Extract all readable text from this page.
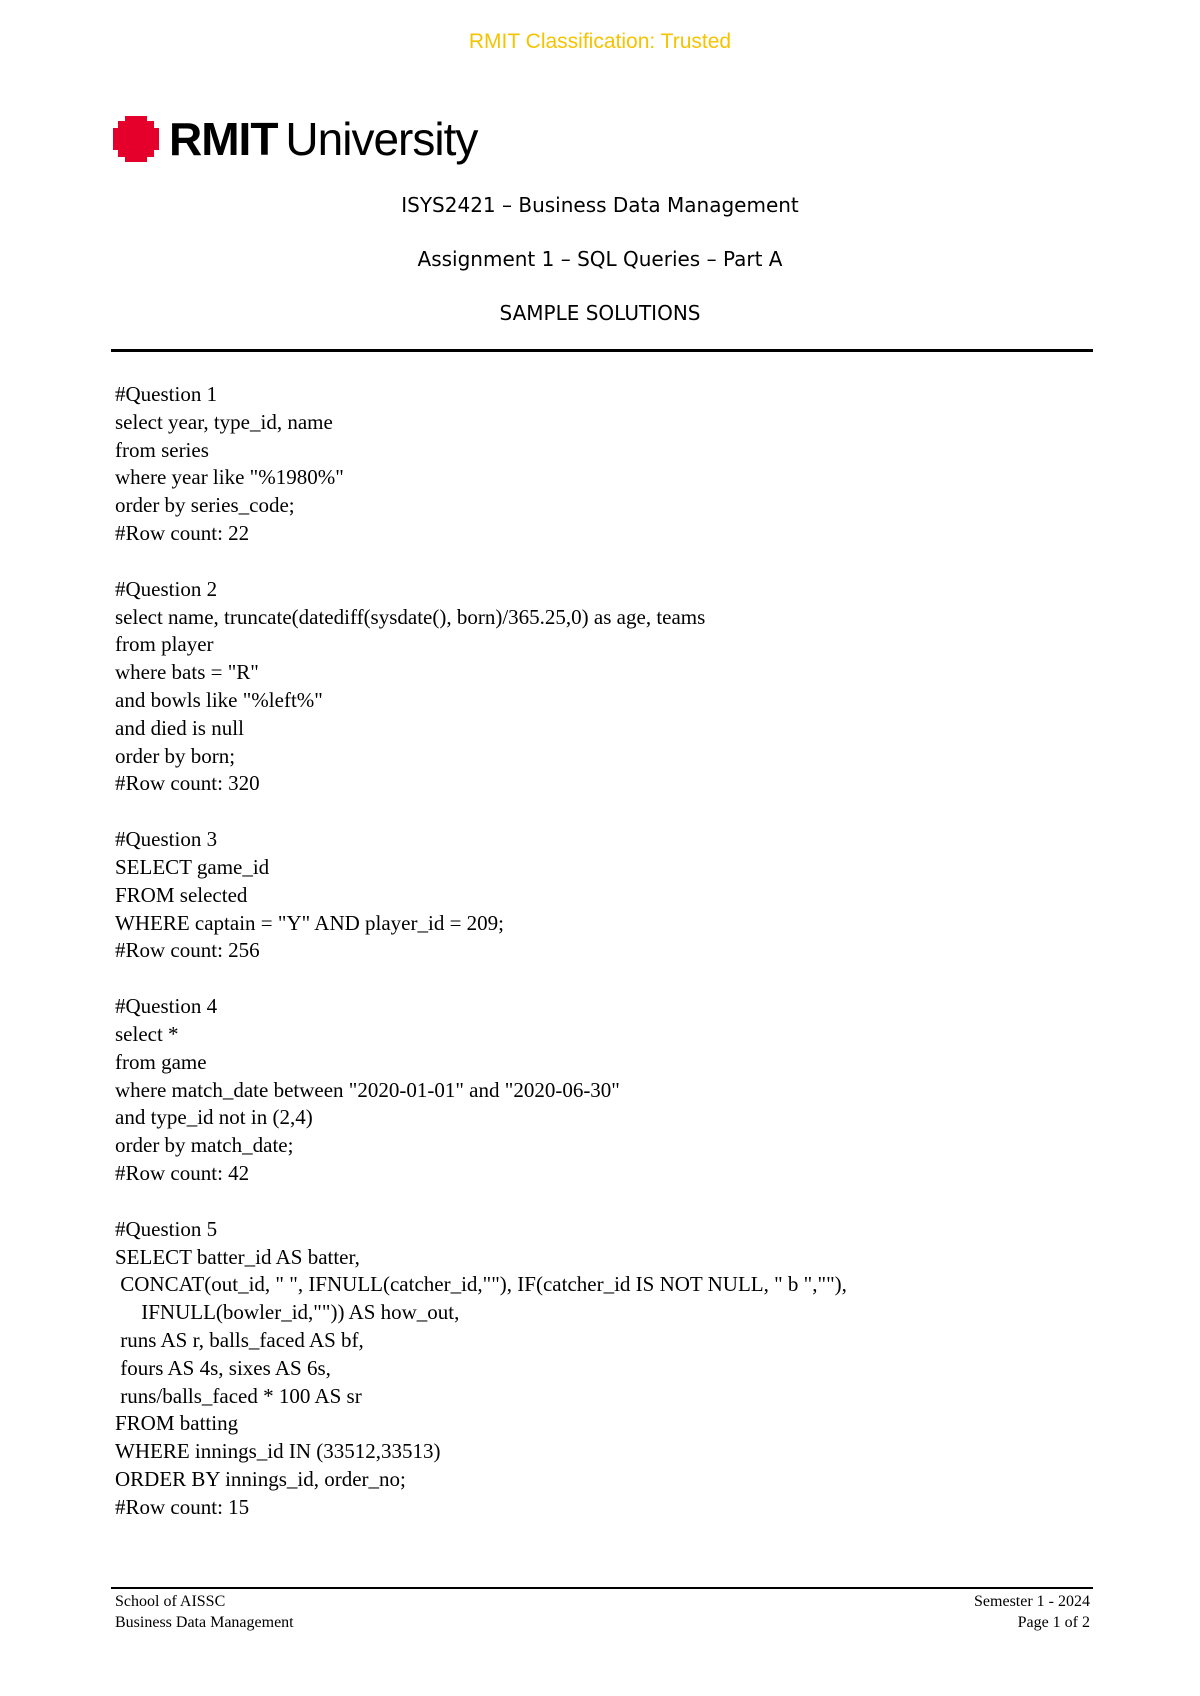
RMIT Classification: Trusted
RMIT University
ISYS2421 – Business Data Management
Assignment 1 – SQL Queries – Part A
SAMPLE SOLUTIONS
#Question 1
select year, type_id, name
from series
where year like "%1980%"
order by series_code;
#Row count: 22
#Question 2
select name, truncate(datediff(sysdate(), born)/365.25,0) as age, teams
from player
where bats = "R"
and bowls like "%left%"
and died is null
order by born;
#Row count: 320
#Question 3
SELECT game_id
FROM selected
WHERE captain = "Y" AND player_id = 209;
#Row count: 256
#Question 4
select *
from game
where match_date between "2020-01-01" and "2020-06-30"
and type_id not in (2,4)
order by match_date;
#Row count: 42
#Question 5
SELECT batter_id AS batter,
CONCAT(out_id, " ", IFNULL(catcher_id,""), IF(catcher_id IS NOT NULL, " b ",""),
IFNULL(bowler_id,"")) AS how_out,
runs AS r, balls_faced AS bf,
fours AS 4s, sixes AS 6s,
runs/balls_faced * 100 AS sr
FROM batting
WHERE innings_id IN (33512,33513)
ORDER BY innings_id, order_no;
#Row count: 15
School of AISSC
Business Data Management
Semester 1 - 2024
Page 1 of 2
